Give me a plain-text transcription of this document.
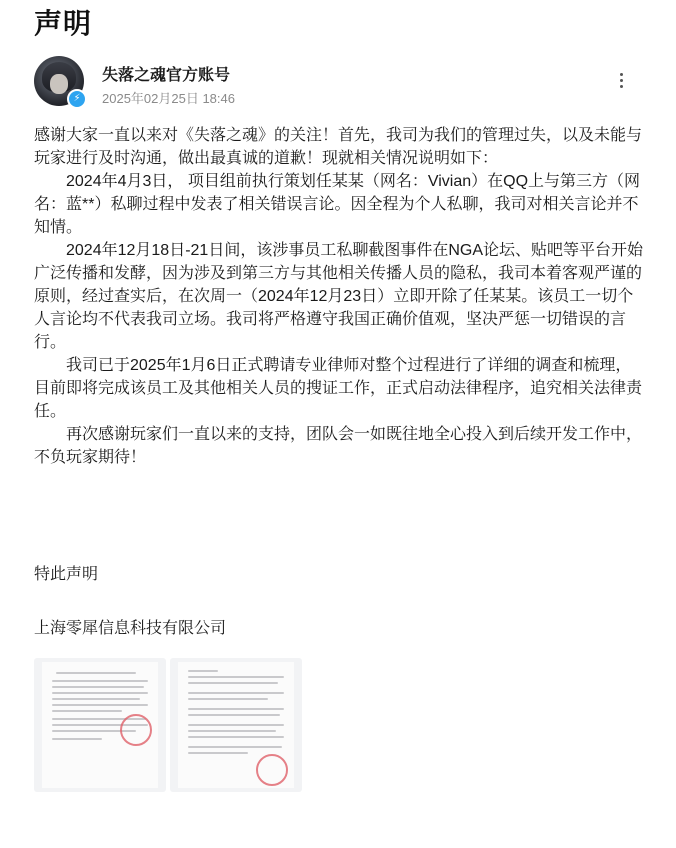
声明
⚡
失落之魂官方账号
2025年02月25日 18:46

感谢大家一直以来对《失落之魂》的关注！首先，我司为我们的管理过失，以及未能与玩家进行及时沟通，做出最真诚的道歉！现就相关情况说明如下：

2024年4月3日， 项目组前执行策划任某某（网名：Vivian）在QQ上与第三方（网名：蓝**）私聊过程中发表了相关错误言论。因全程为个人私聊，我司对相关言论并不知情。

2024年12月18日-21日间，该涉事员工私聊截图事件在NGA论坛、贴吧等平台开始广泛传播和发酵，因为涉及到第三方与其他相关传播人员的隐私，我司本着客观严谨的原则，经过查实后，在次周一（2024年12月23日）立即开除了任某某。该员工一切个人言论均不代表我司立场。我司将严格遵守我国正确价值观，坚决严惩一切错误的言行。

我司已于2025年1月6日正式聘请专业律师对整个过程进行了详细的调查和梳理，目前即将完成该员工及其他相关人员的搜证工作，正式启动法律程序，追究相关法律责任。

再次感谢玩家们一直以来的支持，团队会一如既往地全心投入到后续开发工作中，不负玩家期待！

特此声明
上海零犀信息科技有限公司
